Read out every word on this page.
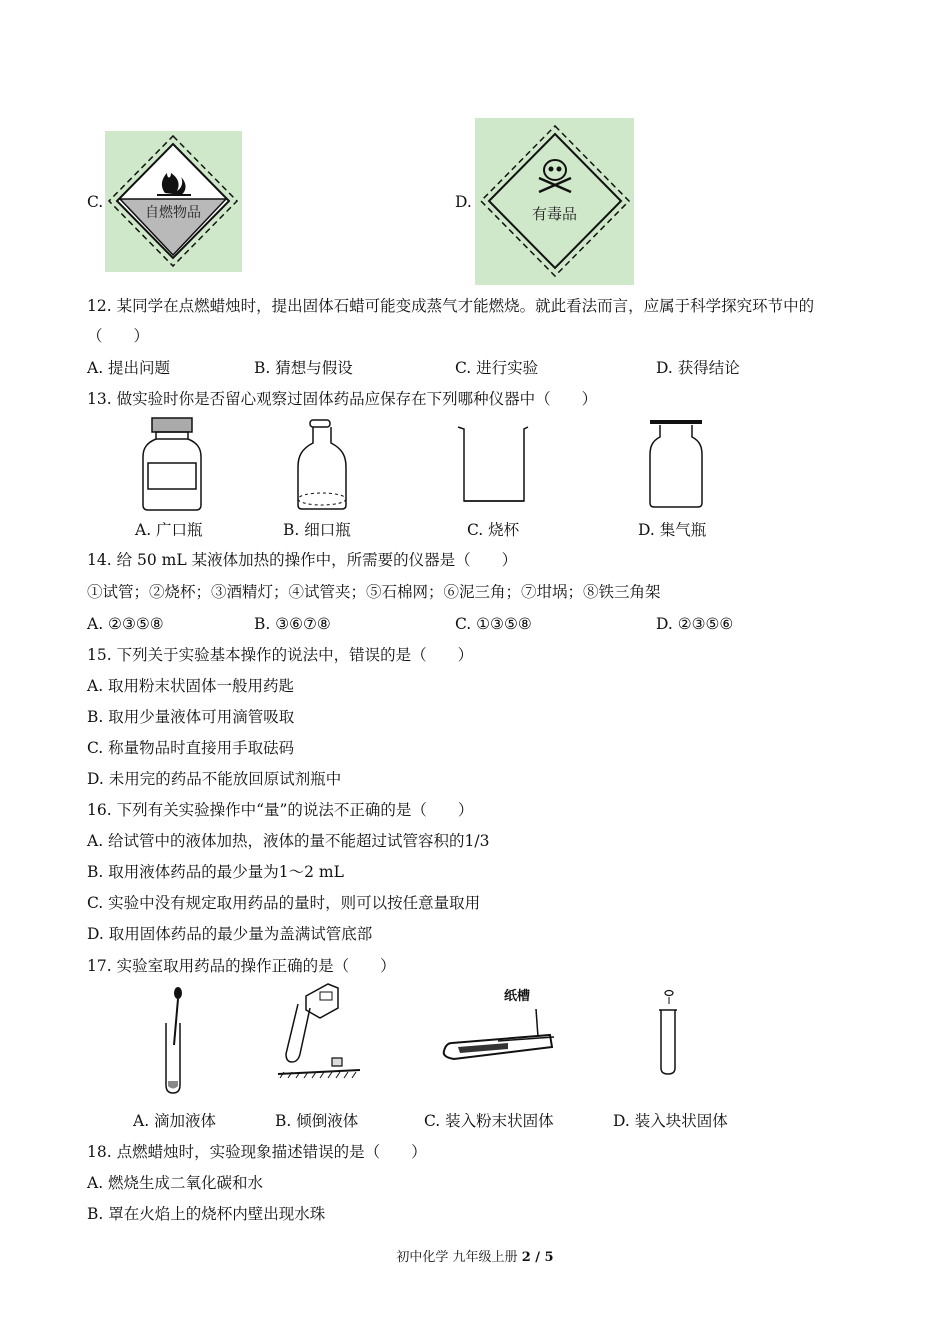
C.
自燃物品
D.
有毒品
12. 某同学在点燃蜡烛时，提出固体石蜡可能变成蒸气才能燃烧。就此看法而言，应属于科学探究环节中的
（　　）
A. 提出问题	B. 猜想与假设	C. 进行实验	D. 获得结论
13. 做实验时你是否留心观察过固体药品应保存在下列哪种仪器中（　　）
A. 广口瓶	B. 细口瓶	C. 烧杯	D. 集气瓶
14. 给 50 mL 某液体加热的操作中，所需要的仪器是（　　）
①试管；②烧杯；③酒精灯；④试管夹；⑤石棉网；⑥泥三角；⑦坩埚；⑧铁三角架
A. ②③⑤⑧	B. ③⑥⑦⑧	C. ①③⑤⑧	D. ②③⑤⑥
15. 下列关于实验基本操作的说法中，错误的是（　　）
A. 取用粉末状固体一般用药匙
B. 取用少量液体可用滴管吸取
C. 称量物品时直接用手取砝码
D. 未用完的药品不能放回原试剂瓶中
16. 下列有关实验操作中“量”的说法不正确的是（　　）
A. 给试管中的液体加热，液体的量不能超过试管容积的1/3
B. 取用液体药品的最少量为1～2 mL
C. 实验中没有规定取用药品的量时，则可以按任意量取用
D. 取用固体药品的最少量为盖满试管底部
17. 实验室取用药品的操作正确的是（　　）
纸槽
A. 滴加液体	B. 倾倒液体	C. 装入粉末状固体	D. 装入块状固体
18. 点燃蜡烛时，实验现象描述错误的是（　　）
A. 燃烧生成二氧化碳和水
B. 罩在火焰上的烧杯内壁出现水珠
初中化学 九年级上册 2 / 5
